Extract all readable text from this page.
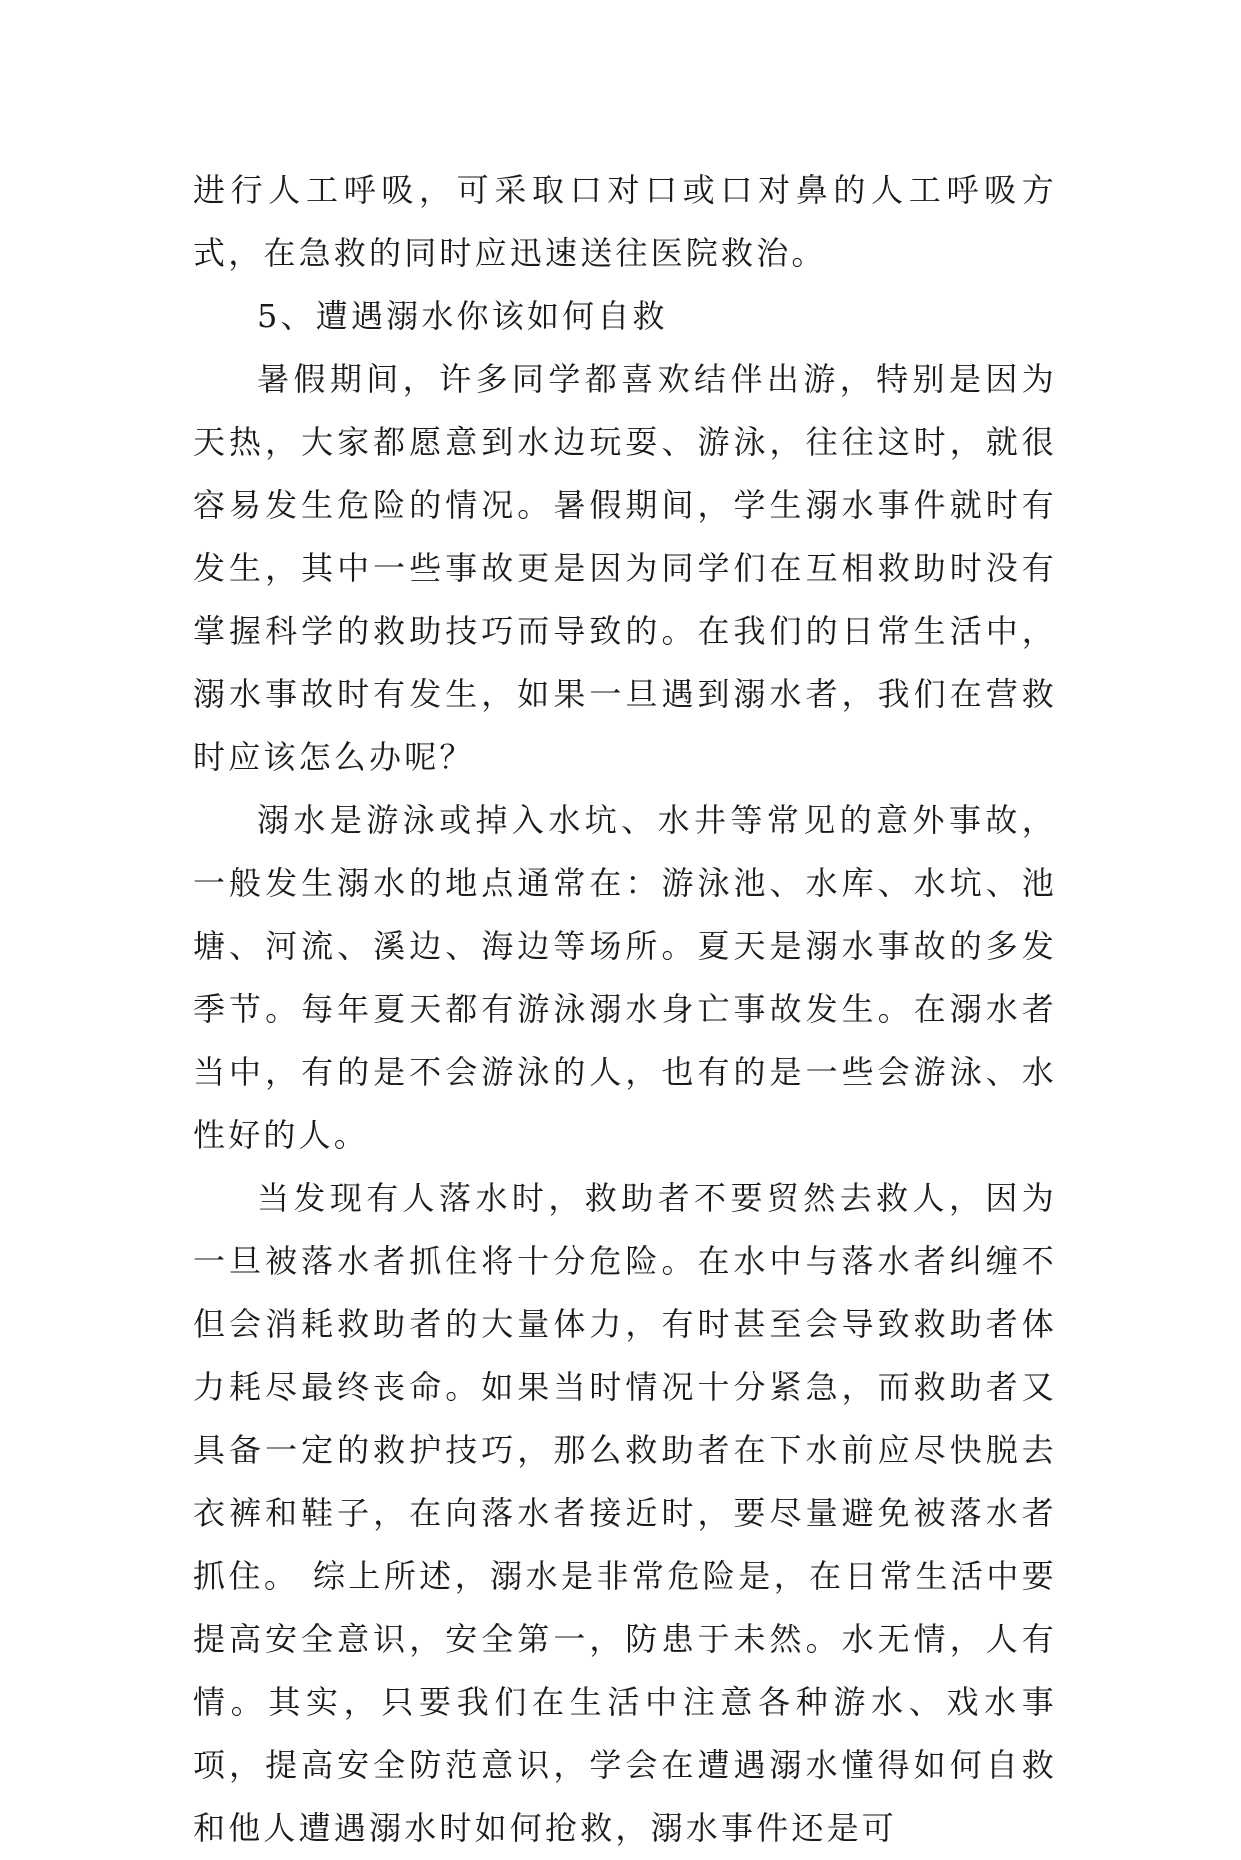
进行人工呼吸，可采取口对口或口对鼻的人工呼吸方式，在急救的同时应迅速送往医院救治。

5、遭遇溺水你该如何自救

暑假期间，许多同学都喜欢结伴出游，特别是因为天热，大家都愿意到水边玩耍、游泳，往往这时，就很容易发生危险的情况。暑假期间，学生溺水事件就时有发生，其中一些事故更是因为同学们在互相救助时没有掌握科学的救助技巧而导致的。在我们的日常生活中，溺水事故时有发生，如果一旦遇到溺水者，我们在营救时应该怎么办呢？

溺水是游泳或掉入水坑、水井等常见的意外事故，一般发生溺水的地点通常在：游泳池、水库、水坑、池塘、河流、溪边、海边等场所。夏天是溺水事故的多发季节。每年夏天都有游泳溺水身亡事故发生。在溺水者当中，有的是不会游泳的人，也有的是一些会游泳、水性好的人。

当发现有人落水时，救助者不要贸然去救人，因为一旦被落水者抓住将十分危险。在水中与落水者纠缠不但会消耗救助者的大量体力，有时甚至会导致救助者体力耗尽最终丧命。如果当时情况十分紧急，而救助者又具备一定的救护技巧，那么救助者在下水前应尽快脱去衣裤和鞋子，在向落水者接近时，要尽量避免被落水者抓住。 综上所述，溺水是非常危险是，在日常生活中要提高安全意识，安全第一，防患于未然。水无情，人有情。其实，只要我们在生活中注意各种游水、戏水事项，提高安全防范意识，学会在遭遇溺水懂得如何自救和他人遭遇溺水时如何抢救，溺水事件还是可
